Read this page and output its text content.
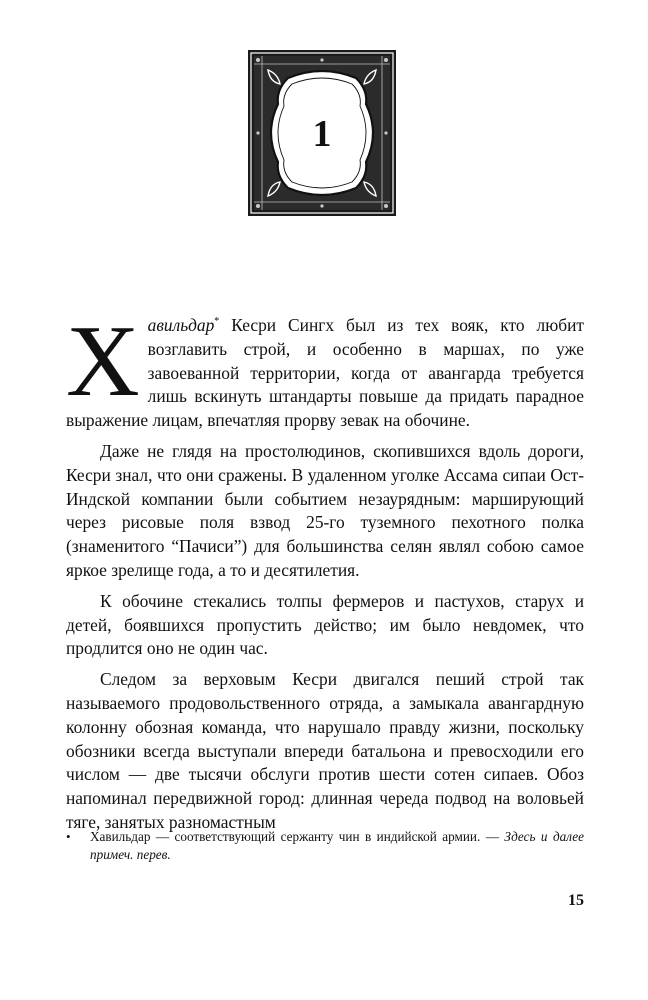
1

Хавильдар* Кесри Сингх был из тех вояк, кто любит возглавить строй, и особенно в маршах, по уже завоеванной территории, когда от авангарда требуется лишь вскинуть штандарты повыше да придать парадное выражение лицам, впечатляя прорву зевак на обочине.

Даже не глядя на простолюдинов, скопившихся вдоль дороги, Кесри знал, что они сражены. В удаленном уголке Ассама сипаи Ост-Индской компании были событием незаурядным: марширующий через рисовые поля взвод 25-го туземного пехотного полка (знаменитого “Пачиси”) для большинства селян являл собою самое яркое зрелище года, а то и десятилетия.

К обочине стекались толпы фермеров и пастухов, старух и детей, боявшихся пропустить действо; им было невдомек, что продлится оно не один час.

Следом за верховым Кесри двигался пеший строй так называемого продовольственного отряда, а замыкала авангардную колонну обозная команда, что нарушало правду жизни, поскольку обозники всегда выступали впереди батальона и превосходили его числом — две тысячи обслуги против шести сотен сипаев. Обоз напоминал передвижной город: длинная череда подвод на воловьей тяге, занятых разномастным

•	Хавильдар — соответствующий сержанту чин в индийской армии. — Здесь и далее примеч. перев.
15
